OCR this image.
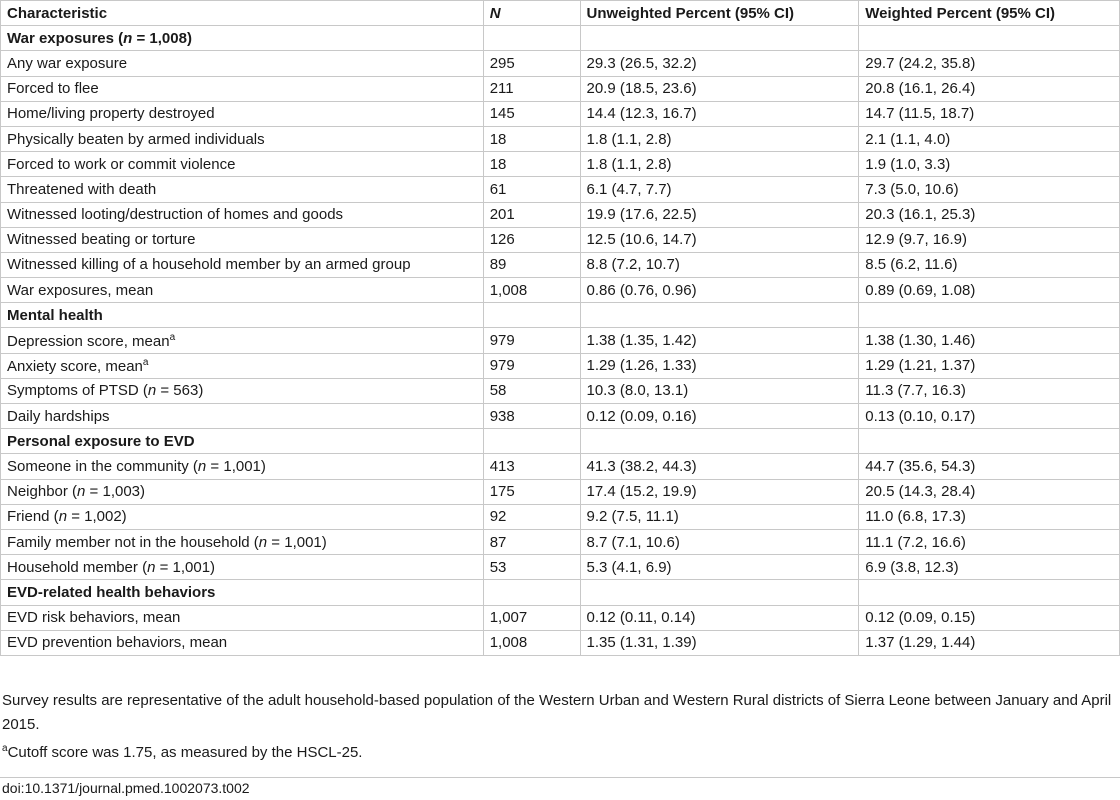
Characteristic	N	Unweighted Percent (95% CI)	Weighted Percent (95% CI)
War exposures (n = 1,008)			
Any war exposure	295	29.3 (26.5, 32.2)	29.7 (24.2, 35.8)
Forced to flee	211	20.9 (18.5, 23.6)	20.8 (16.1, 26.4)
Home/living property destroyed	145	14.4 (12.3, 16.7)	14.7 (11.5, 18.7)
Physically beaten by armed individuals	18	1.8 (1.1, 2.8)	2.1 (1.1, 4.0)
Forced to work or commit violence	18	1.8 (1.1, 2.8)	1.9 (1.0, 3.3)
Threatened with death	61	6.1 (4.7, 7.7)	7.3 (5.0, 10.6)
Witnessed looting/destruction of homes and goods	201	19.9 (17.6, 22.5)	20.3 (16.1, 25.3)
Witnessed beating or torture	126	12.5 (10.6, 14.7)	12.9 (9.7, 16.9)
Witnessed killing of a household member by an armed group	89	8.8 (7.2, 10.7)	8.5 (6.2, 11.6)
War exposures, mean	1,008	0.86 (0.76, 0.96)	0.89 (0.69, 1.08)
Mental health			
Depression score, mean$^a$	979	1.38 (1.35, 1.42)	1.38 (1.30, 1.46)
Anxiety score, mean$^a$	979	1.29 (1.26, 1.33)	1.29 (1.21, 1.37)
Symptoms of PTSD (n = 563)	58	10.3 (8.0, 13.1)	11.3 (7.7, 16.3)
Daily hardships	938	0.12 (0.09, 0.16)	0.13 (0.10, 0.17)
Personal exposure to EVD			
Someone in the community (n = 1,001)	413	41.3 (38.2, 44.3)	44.7 (35.6, 54.3)
Neighbor (n = 1,003)	175	17.4 (15.2, 19.9)	20.5 (14.3, 28.4)
Friend (n = 1,002)	92	9.2 (7.5, 11.1)	11.0 (6.8, 17.3)
Family member not in the household (n = 1,001)	87	8.7 (7.1, 10.6)	11.1 (7.2, 16.6)
Household member (n = 1,001)	53	5.3 (4.1, 6.9)	6.9 (3.8, 12.3)
EVD-related health behaviors			
EVD risk behaviors, mean	1,007	0.12 (0.11, 0.14)	0.12 (0.09, 0.15)
EVD prevention behaviors, mean	1,008	1.35 (1.31, 1.39)	1.37 (1.29, 1.44)

Survey results are representative of the adult household-based population of the Western Urban and Western Rural districts of Sierra Leone between January and April 2015.

$^a$Cutoff score was 1.75, as measured by the HSCL-25.

doi:10.1371/journal.pmed.1002073.t002
